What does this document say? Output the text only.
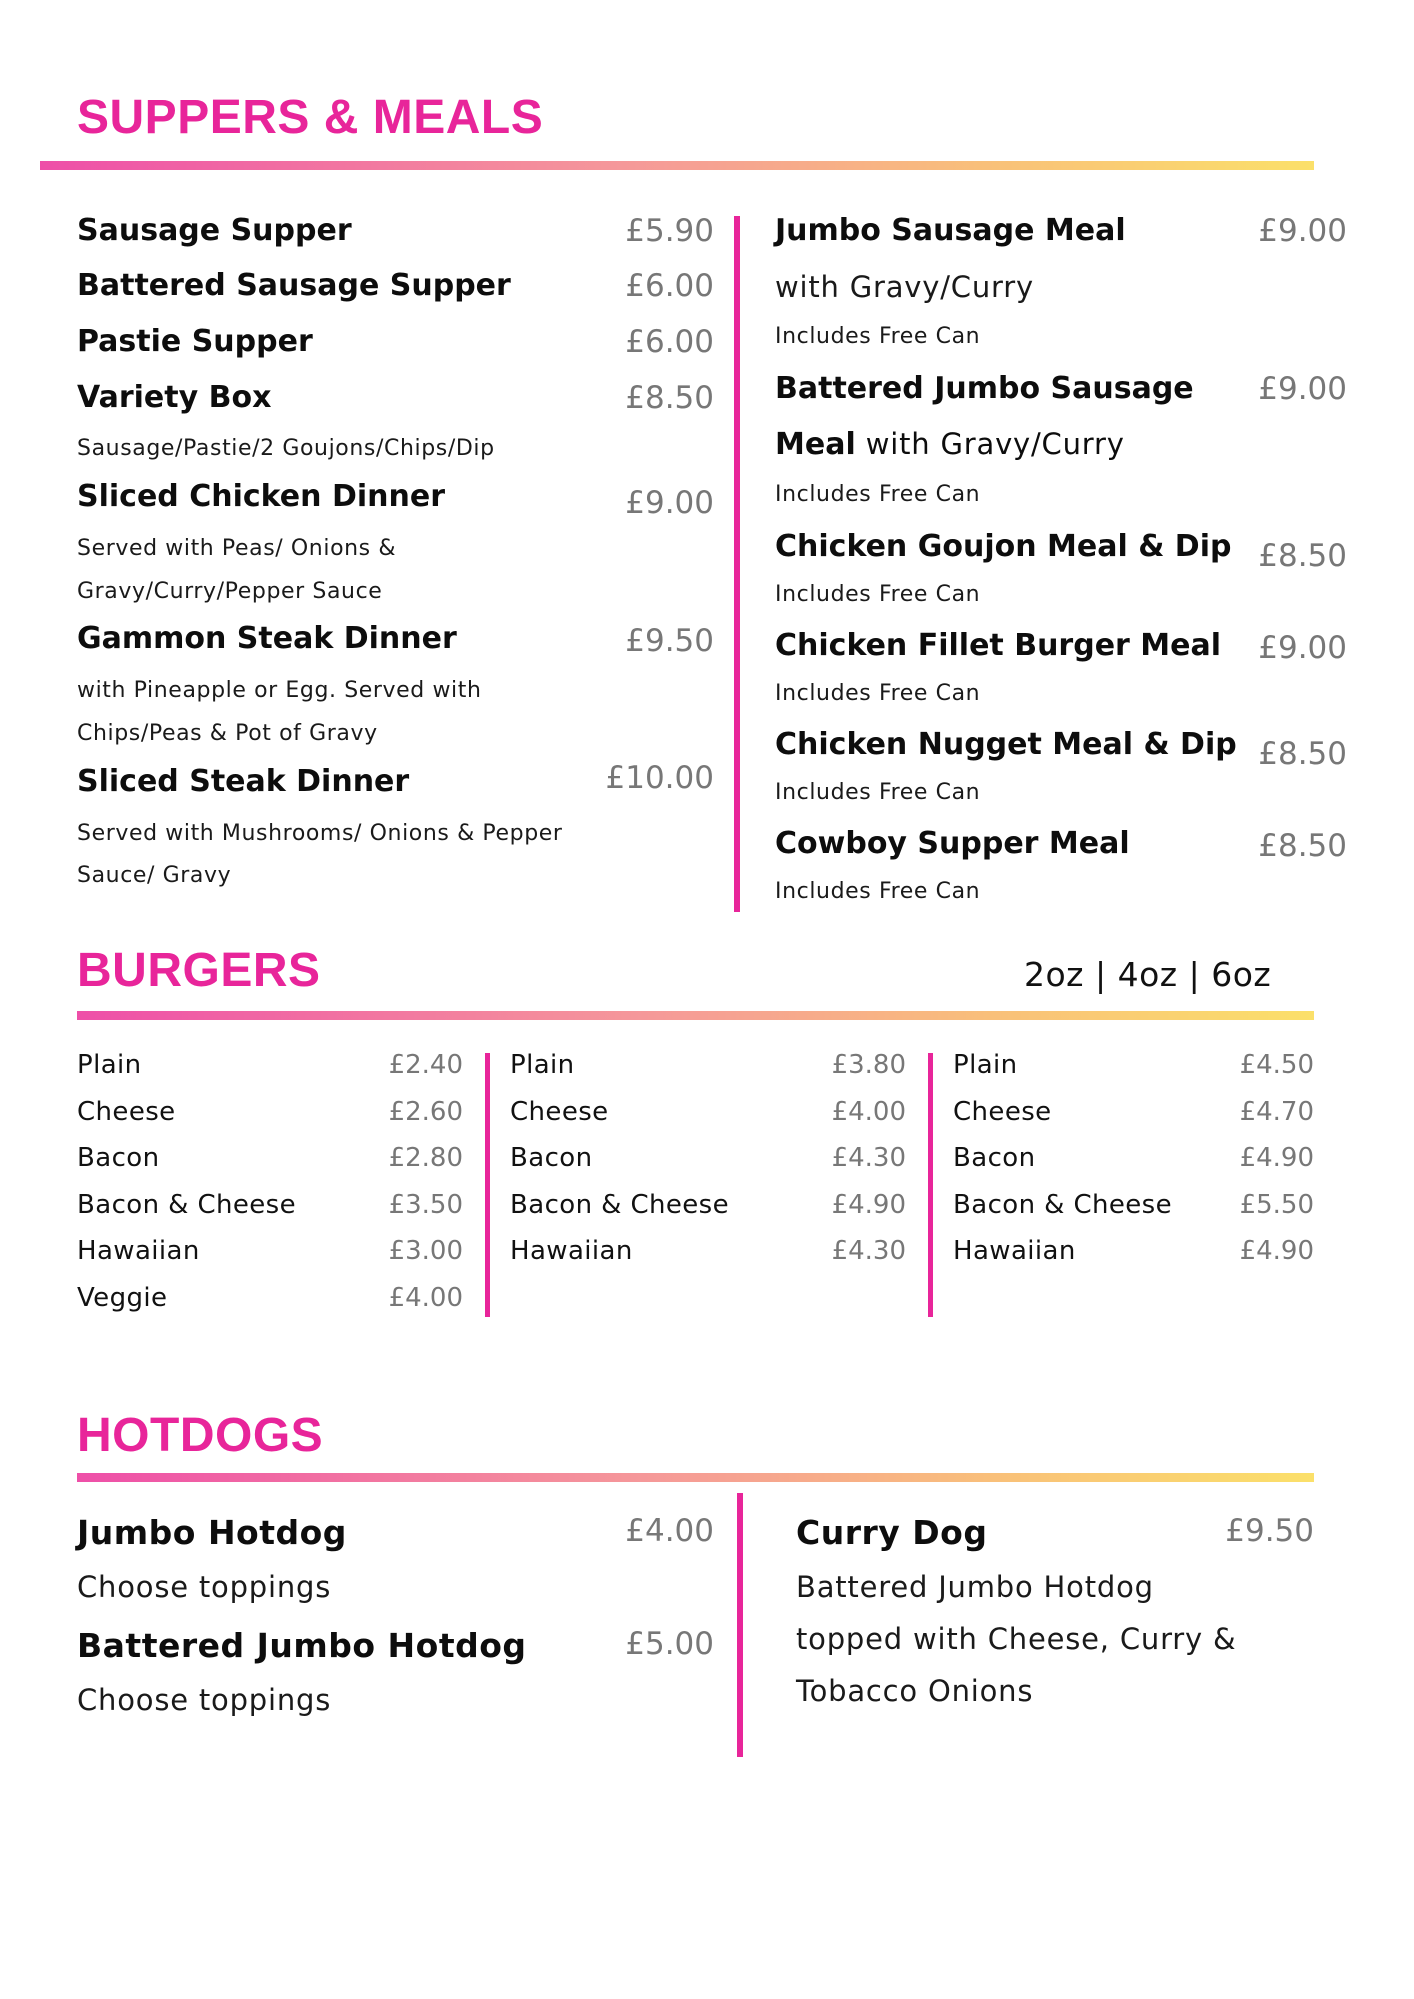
SUPPERS & MEALS
Sausage Supper	£5.90
Battered Sausage Supper	£6.00
Pastie Supper	£6.00
Variety Box	£8.50
Sausage/Pastie/2 Goujons/Chips/Dip
Sliced Chicken Dinner	£9.00
Served with Peas/ Onions &
Gravy/Curry/Pepper Sauce
Gammon Steak Dinner	£9.50
with Pineapple or Egg. Served with
Chips/Peas & Pot of Gravy
Sliced Steak Dinner	£10.00
Served with Mushrooms/ Onions & Pepper
Sauce/ Gravy
Jumbo Sausage Meal	£9.00
with Gravy/Curry
Includes Free Can
Battered Jumbo Sausage £9.00
Meal with Gravy/Curry
Includes Free Can
Chicken Goujon Meal & Dip £8.50
Includes Free Can
Chicken Fillet Burger Meal £9.00
Includes Free Can
Chicken Nugget Meal & Dip £8.50
Includes Free Can
Cowboy Supper Meal	£8.50
Includes Free Can
BURGERS	2oz | 4oz | 6oz
Plain	£2.40
Cheese	£2.60
Bacon	£2.80
Bacon & Cheese	£3.50
Hawaiian	£3.00
Veggie	£4.00
Plain	£3.80
Cheese	£4.00
Bacon	£4.30
Bacon & Cheese	£4.90
Hawaiian	£4.30
Plain	£4.50
Cheese	£4.70
Bacon	£4.90
Bacon & Cheese	£5.50
Hawaiian	£4.90
HOTDOGS
Jumbo Hotdog	£4.00
Choose toppings
Battered Jumbo Hotdog	£5.00
Choose toppings
Curry Dog	£9.50
Battered Jumbo Hotdog
topped with Cheese, Curry &
Tobacco Onions
